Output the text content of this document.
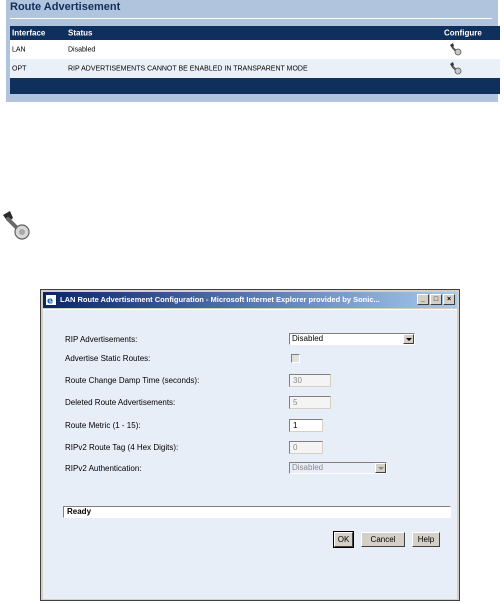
Route Advertisement
Interface	Status	Configure
LAN	Disabled
OPT	RIP ADVERTISEMENTS CANNOT BE ENABLED IN TRANSPARENT MODE
e LAN Route Advertisement Configuration - Microsoft Internet Explorer provided by Sonic...	_	□	×
RIP Advertisements:	Disabled
Advertise Static Routes:
Route Change Damp Time (seconds):	30
Deleted Route Advertisements:	5
Route Metric (1 - 15):	1
RIPv2 Route Tag (4 Hex Digits):	0
RIPv2 Authentication:	Disabled
Ready
OK	Cancel	Help
